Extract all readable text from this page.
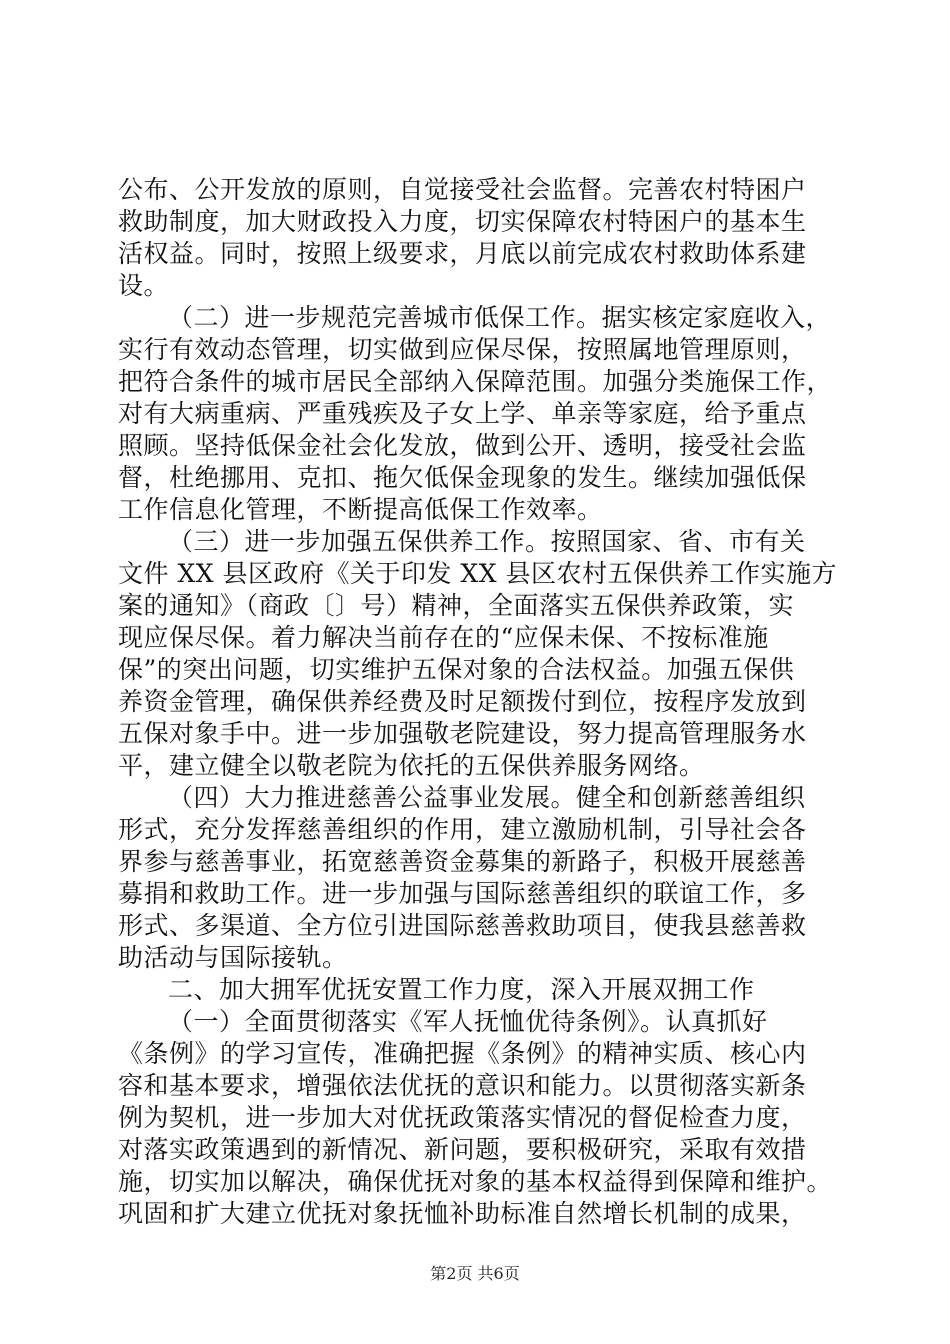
公布、公开发放的原则，自觉接受社会监督。完善农村特困户
救助制度，加大财政投入力度，切实保障农村特困户的基本生
活权益。同时，按照上级要求，月底以前完成农村救助体系建
设。
（二）进一步规范完善城市低保工作。据实核定家庭收入，
实行有效动态管理，切实做到应保尽保，按照属地管理原则，
把符合条件的城市居民全部纳入保障范围。加强分类施保工作，
对有大病重病、严重残疾及子女上学、单亲等家庭，给予重点
照顾。坚持低保金社会化发放，做到公开、透明，接受社会监
督，杜绝挪用、克扣、拖欠低保金现象的发生。继续加强低保
工作信息化管理，不断提高低保工作效率。
（三）进一步加强五保供养工作。按照国家、省、市有关
文件 XX 县区政府《关于印发 XX 县区农村五保供养工作实施方
案的通知》（商政〔〕号）精神，全面落实五保供养政策，实
现应保尽保。着力解决当前存在的“应保未保、不按标准施
保”的突出问题，切实维护五保对象的合法权益。加强五保供
养资金管理，确保供养经费及时足额拨付到位，按程序发放到
五保对象手中。进一步加强敬老院建设，努力提高管理服务水
平，建立健全以敬老院为依托的五保供养服务网络。
（四）大力推进慈善公益事业发展。健全和创新慈善组织
形式，充分发挥慈善组织的作用，建立激励机制，引导社会各
界参与慈善事业，拓宽慈善资金募集的新路子，积极开展慈善
募捐和救助工作。进一步加强与国际慈善组织的联谊工作，多
形式、多渠道、全方位引进国际慈善救助项目，使我县慈善救
助活动与国际接轨。
二、加大拥军优抚安置工作力度，深入开展双拥工作
（一）全面贯彻落实《军人抚恤优待条例》。认真抓好
《条例》的学习宣传，准确把握《条例》的精神实质、核心内
容和基本要求，增强依法优抚的意识和能力。以贯彻落实新条
例为契机，进一步加大对优抚政策落实情况的督促检查力度，
对落实政策遇到的新情况、新问题，要积极研究，采取有效措
施，切实加以解决，确保优抚对象的基本权益得到保障和维护。
巩固和扩大建立优抚对象抚恤补助标准自然增长机制的成果，
第2页 共6页
